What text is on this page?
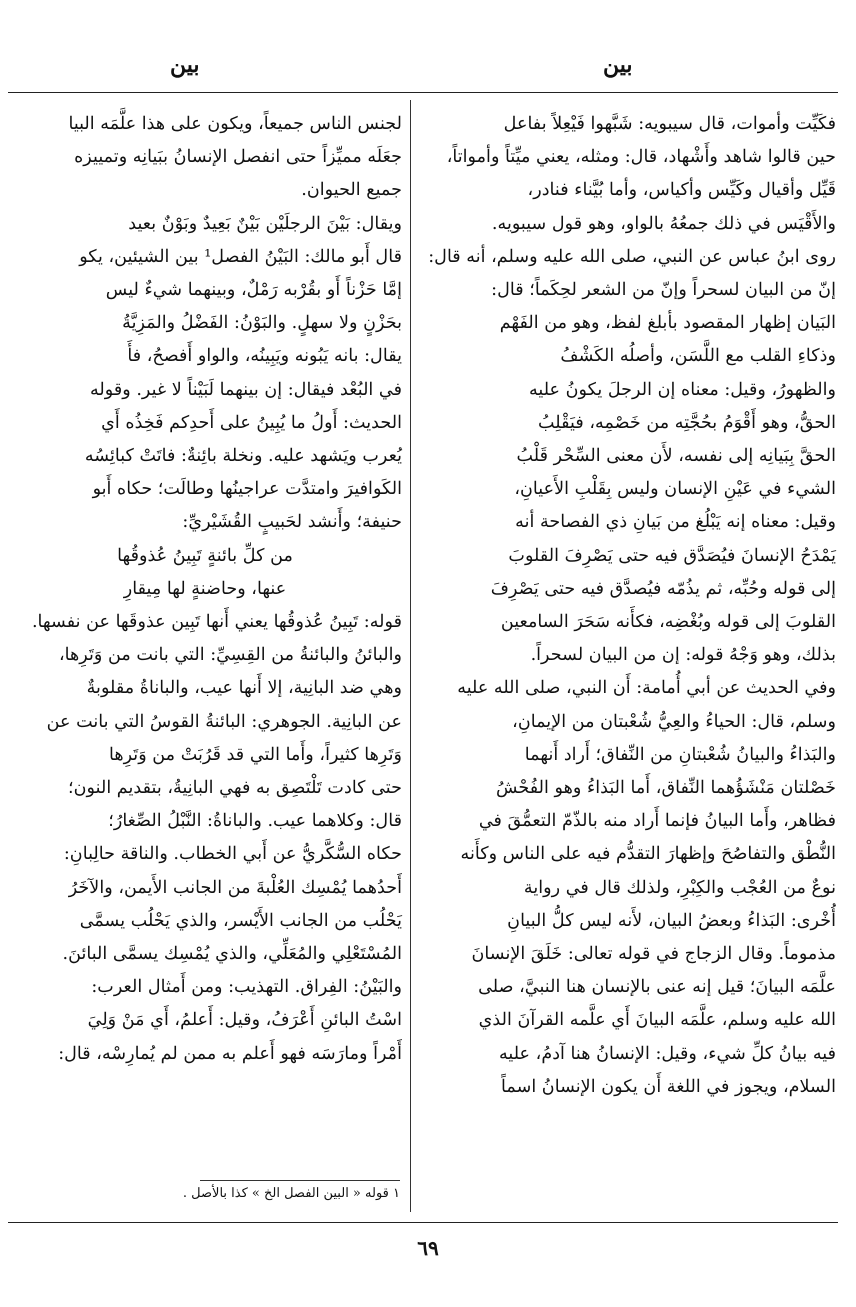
بين
بين

فكَيِّت وأموات، قال سيبويه: شَبَّهوا فَيْعِلاً بفاعل

حين قالوا شاهد وأَشْهاد، قال: ومثله، يعني ميِّتاً وأمواتاً،

قَيِّل وأقيال وكَيِّس وأكياس، وأما بُيَّناء فنادر،

والأَقْيَس في ذلك جمعُهُ بالواو، وهو قول سيبويه.

روى ابنُ عباس عن النبي، صلى الله عليه وسلم، أنه قال:

إنّ من البيان لسحراً وإنّ من الشعر لحِكَماً؛ قال:

البَيان إظهار المقصود بأبلغ لفظ، وهو من الفَهْم

وذكاءِ القلب مع اللَّسَن، وأصلُه الكَشْفُ

والظهورُ، وقيل: معناه إن الرجلَ يكونُ عليه

الحقُّ، وهو أَقْوَمُ بحُجَّتِه من خَصْمِه، فيَقْلِبُ

الحقَّ بِبَيانِه إلى نفسه، لأَن معنى السِّحْر قَلْبُ

الشيء في عَيْنِ الإنسان وليس بِقَلْبِ الأَعيانِ،

وقيل: معناه إنه يَبْلُغ من بَيانِ ذي الفصاحة أنه

يَمْدَحُ الإنسانَ فيُصَدَّق فيه حتى يَصْرِفَ القلوبَ

إلى قوله وحُبِّه، ثم يذُمّه فيُصدَّق فيه حتى يَصْرِفَ

القلوبَ إلى قوله وبُغْضِه، فكأَنه سَحَرَ السامعين

بذلك، وهو وَجْهُ قوله: إن من البيان لسحراً.

وفي الحديث عن أبي أُمامة: أَن النبي، صلى الله عليه

وسلم، قال: الحياءُ والعِيُّ شُعْبتان من الإيمانِ،

والبَذاءُ والبيانُ شُعْبتانِ من النِّفاق؛ أَراد أَنهما

خَصْلتان مَنْشَؤُهما النِّفاق، أَما البَذاءُ وهو الفُحْشُ

فظاهر، وأَما البيانُ فإنما أَراد منه بالذّمّ التعمُّقَ في

النُّطْق والتفاصُحَ وإظهارَ التقدُّم فيه على الناس وكأَنه

نوعٌ من العُجْب والكِبْرِ، ولذلك قال في رواية

أُخْرى: البَذاءُ وبعضُ البيان، لأَنه ليس كلُّ البيانِ

مذموماً. وقال الزجاج في قوله تعالى: خَلَقَ الإنسانَ

علَّمَه البيانَ؛ قيل إنه عنى بالإنسان هنا النبيَّ، صلى

الله عليه وسلم، علَّمَه البيانَ أَي علَّمه القرآنَ الذي

فيه بيانُ كلِّ شيء، وقيل: الإنسانُ هنا آدمُ، عليه

السلام، ويجوز في اللغة أَن يكون الإنسانُ اسماً

لجنس الناس جميعاً، ويكون على هذا علَّمَه البيا

جعَلَه مميِّزاً حتى انفصل الإنسانُ ببَيانِه وتمييزه

جميع الحيوان.

ويقال: بَيْنَ الرجلَيْن بَيْنٌ بَعِيدٌ وبَوْنٌ بعيد

قال أَبو مالك: البَيْنُ الفصل¹ بين الشيئين، يكو

إمَّا حَزْناً أَو بقُرْبه رَمْلٌ، وبينهما شيءٌ ليس

بحَزْنٍ ولا سهلٍ. والبَوْنُ: الفَضْلُ والمَزِيَّةُ

يقال: بانه يَبُونه ويَبِينُه، والواو أَفصحُ، فأَ

في البُعْد فيقال: إن بينهما لَبَيْناً لا غير. وقوله

الحديث: أَولُ ما يُبِينُ على أَحدِكم فَخِذُه أَي

يُعرب ويَشهد عليه. ونخلة بائِنةٌ: فاتَتْ كبائِسُه

الكَوافيرَ وامتدَّت عراجينُها وطالَت؛ حكاه أَبو

حنيفة؛ وأَنشد لحَبيبٍ القُشَيْريِّ:

من كلِّ بائنةٍ تَبِينُ عُذوقُها

عنها، وحاضنةٍ لها مِيقارِ

قوله: تَبِينُ عُذوقُها يعني أَنها تَبِين عذوقَها عن نفسها.

والبائنُ والبائنةُ من القِسِيِّ: التي بانت من وَتَرِها،

وهي ضد البانِية، إلا أَنها عيب، والباناةُ مقلوبةٌ

عن البانِية. الجوهري: البائنةُ القوسُ التي بانت عن

وَتَرِها كثيراً، وأَما التي قد قَرُبَتْ من وَتَرِها

حتى كادت تَلْتَصِق به فهي البانِيةُ، بتقديم النون؛

قال: وكلاهما عيب. والباناةُ: النَّبْلُ الصِّغارُ؛

حكاه السُّكَّريُّ عن أَبي الخطاب. والناقة حالِبانِ:

أَحدُهما يُمْسِك العُلْبةَ من الجانب الأَيمن، والآخَرُ

يَحْلُب من الجانب الأَيْسر، والذي يَحْلُب يسمَّى

المُسْتَعْلِي والمُعَلِّي، والذي يُمْسِك يسمَّى البائنَ.

والبَيْنُ: الفِراق. التهذيب: ومن أَمثال العرب:

اسْتُ البائنِ أَعْرَفُ، وقيل: أَعلمُ، أَي مَنْ وَلِيَ

أَمْراً ومارَسَه فهو أَعلم به ممن لم يُمارِسْه، قال:

١ قوله « البين الفصل الخ » كذا بالأصل .
٦٩
